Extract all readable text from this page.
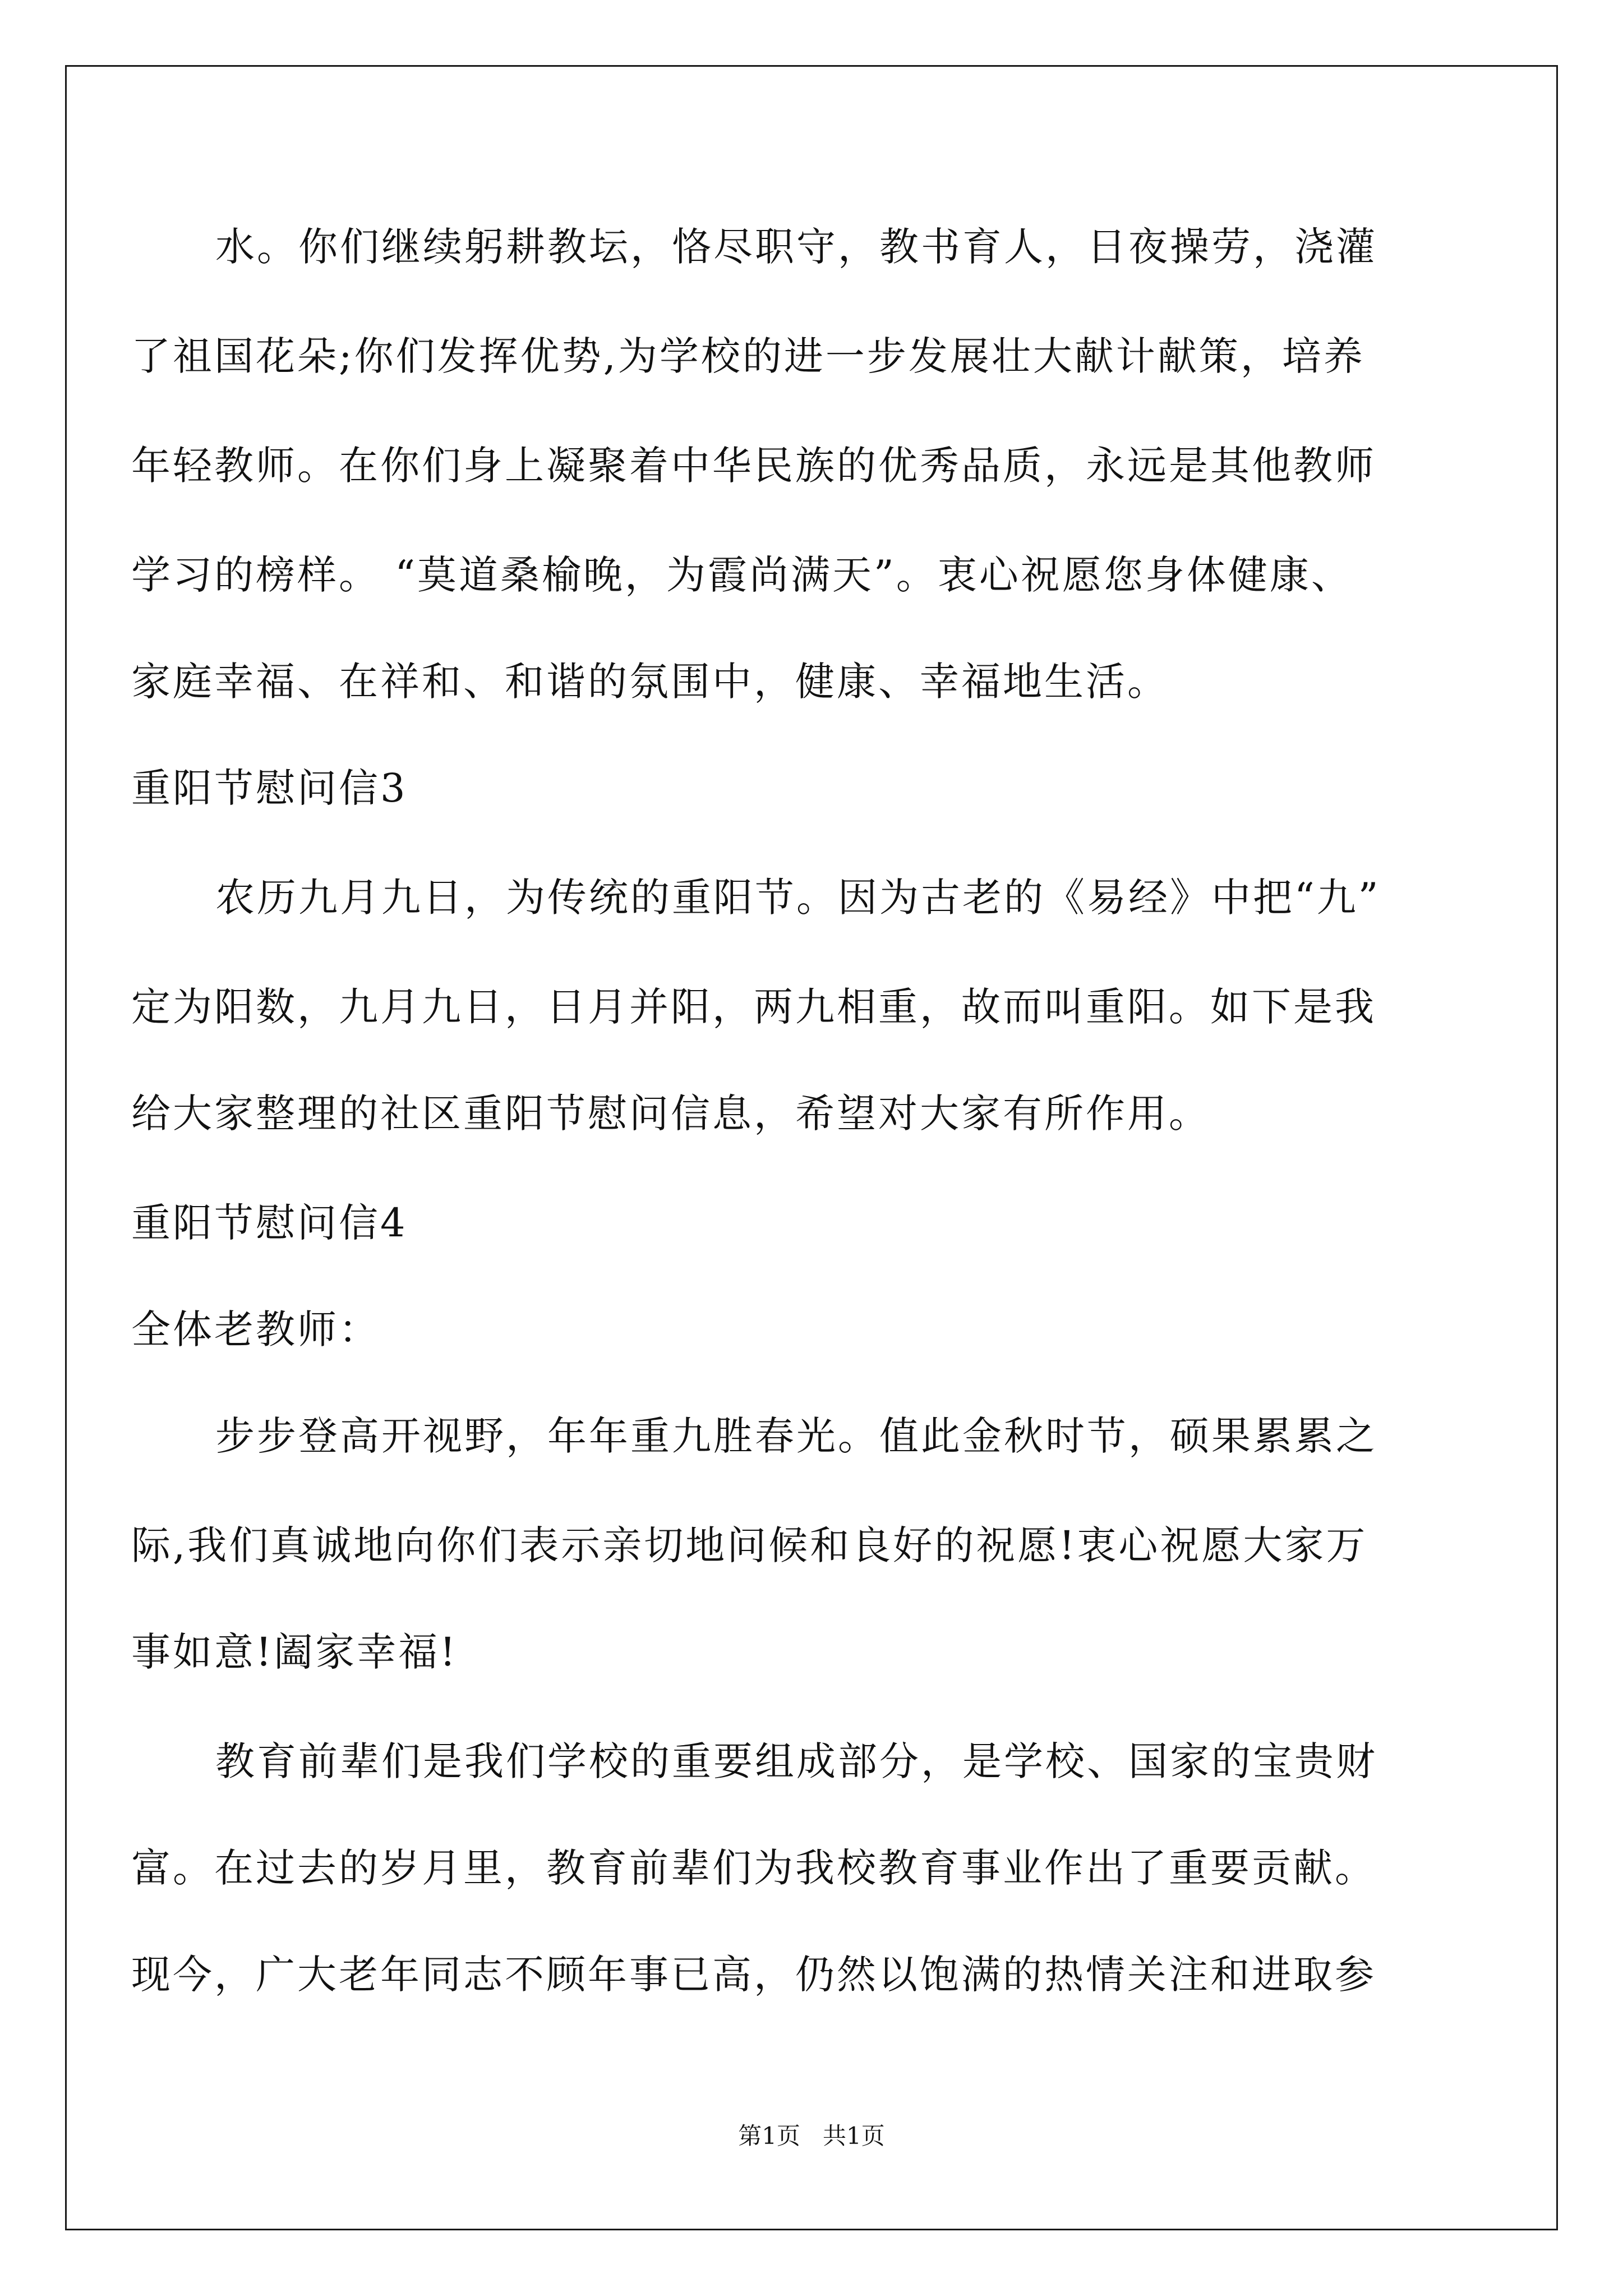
水。你们继续躬耕教坛，恪尽职守，教书育人，日夜操劳，浇灌
了祖国花朵;你们发挥优势,为学校的进一步发展壮大献计献策，培养
年轻教师。在你们身上凝聚着中华民族的优秀品质，永远是其他教师
学习的榜样。 “莫道桑榆晚，为霞尚满天”。衷心祝愿您身体健康、
家庭幸福、在祥和、和谐的氛围中，健康、幸福地生活。
重阳节慰问信3
农历九月九日，为传统的重阳节。因为古老的《易经》中把“九”
定为阳数，九月九日，日月并阳，两九相重，故而叫重阳。如下是我
给大家整理的社区重阳节慰问信息，希望对大家有所作用。
重阳节慰问信4
全体老教师：
步步登高开视野，年年重九胜春光。值此金秋时节，硕果累累之
际,我们真诚地向你们表示亲切地问候和良好的祝愿!衷心祝愿大家万
事如意!阖家幸福!
教育前辈们是我们学校的重要组成部分，是学校、国家的宝贵财
富。在过去的岁月里，教育前辈们为我校教育事业作出了重要贡献。
现今，广大老年同志不顾年事已高，仍然以饱满的热情关注和进取参
第1页 共1页
